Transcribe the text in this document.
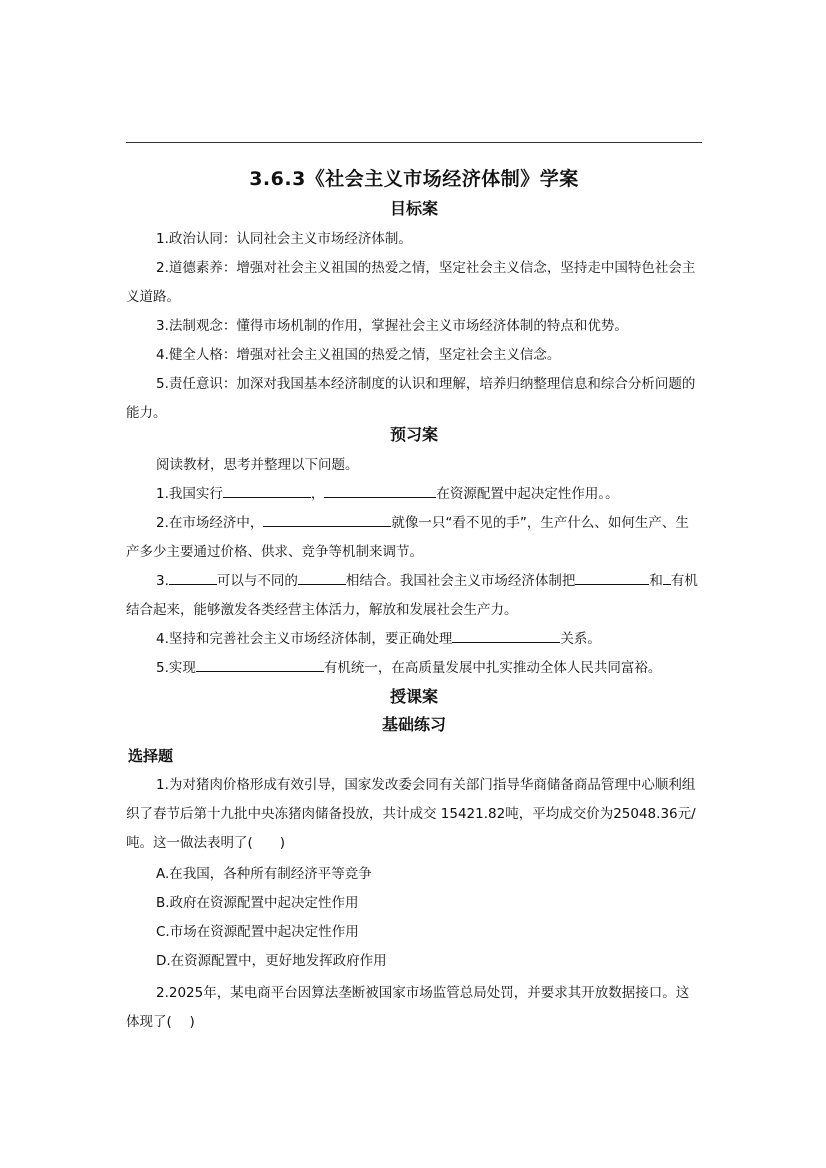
3.6.3《社会主义市场经济体制》学案
目标案

1.政治认同：认同社会主义市场经济体制。

2.道德素养：增强对社会主义祖国的热爱之情，坚定社会主义信念，坚持走中国特色社会主义道路。

3.法制观念：懂得市场机制的作用，掌握社会主义市场经济体制的特点和优势。

4.健全人格：增强对社会主义祖国的热爱之情，坚定社会主义信念。

5.责任意识：加深对我国基本经济制度的认识和理解，培养归纳整理信息和综合分析问题的能力。

预习案

阅读教材，思考并整理以下问题。

1.我国实行	，	在资源配置中起决定性作用。。

2.在市场经济中，	就像一只“看不见的手”，生产什么、如何生产、生产多少主要通过价格、供求、竞争等机制来调节。

3.	可以与不同的	相结合。我国社会主义市场经济体制把	和 有机结合起来，能够激发各类经营主体活力，解放和发展社会生产力。

4.坚持和完善社会主义市场经济体制，要正确处理	关系。

5.实现	有机统一，在高质量发展中扎实推动全体人民共同富裕。

授课案
基础练习
选择题

1.为对猪肉价格形成有效引导，国家发改委会同有关部门指导华商储备商品管理中心顺利组织了春节后第十九批中央冻猪肉储备投放，共计成交 15421.82吨，平均成交价为25048.36元/吨。这一做法表明了(　　)

A.在我国，各种所有制经济平等竞争
B.政府在资源配置中起决定性作用
C.市场在资源配置中起决定性作用
D.在资源配置中，更好地发挥政府作用

2.2025年，某电商平台因算法垄断被国家市场监管总局处罚，并要求其开放数据接口。这体现了(　 )
